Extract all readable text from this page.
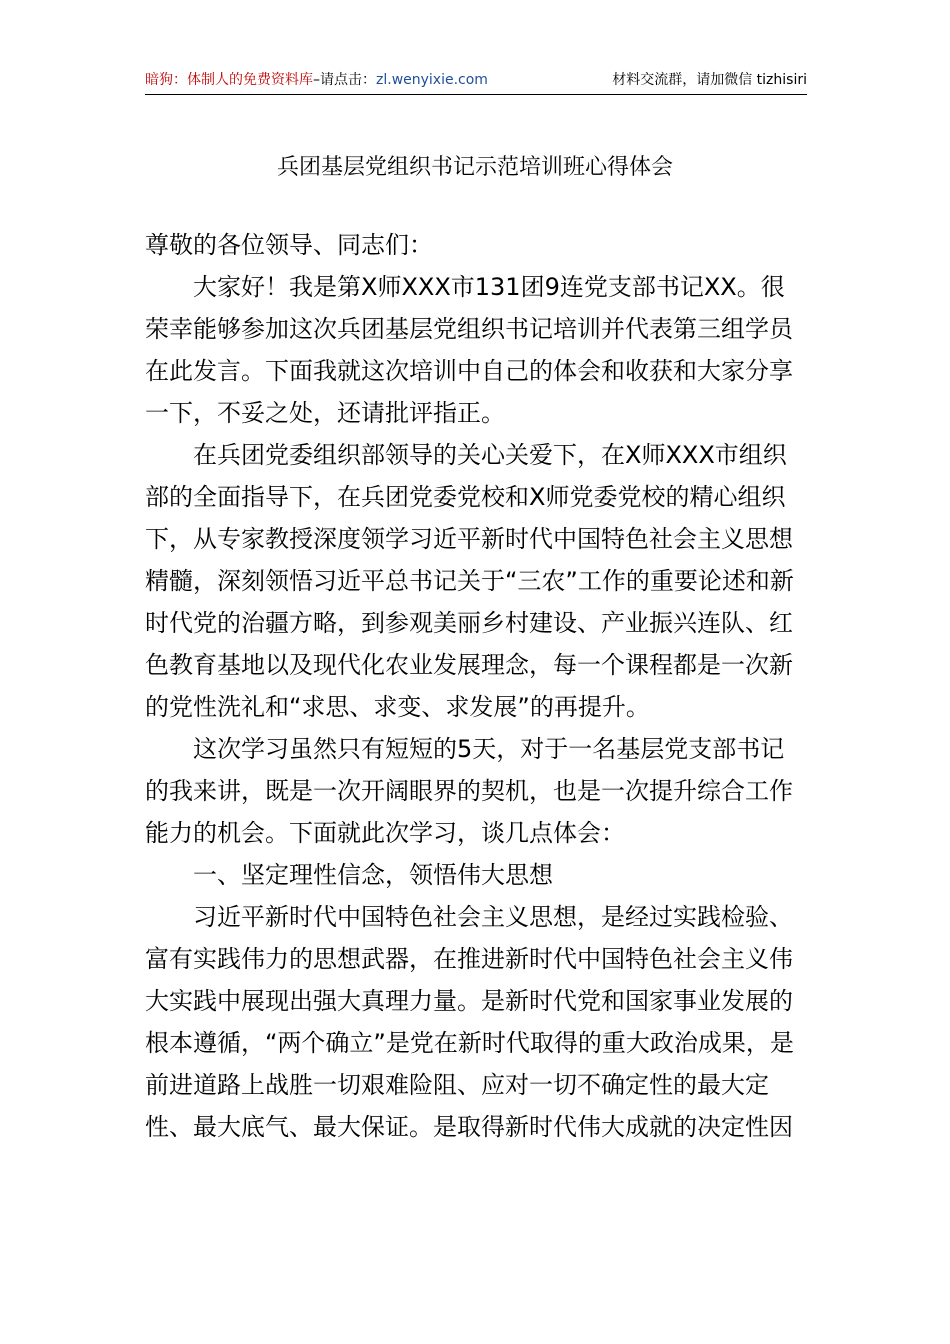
暗狗：体制人的免费资料库–请点击：zl.wenyixie.com	材料交流群，请加微信 tizhisiri
兵团基层党组织书记示范培训班心得体会

尊敬的各位领导、同志们：

大家好！我是第X师XXX市131团9连党支部书记XX。很荣幸能够参加这次兵团基层党组织书记培训并代表第三组学员在此发言。下面我就这次培训中自己的体会和收获和大家分享一下，不妥之处，还请批评指正。

在兵团党委组织部领导的关心关爱下，在X师XXX市组织部的全面指导下，在兵团党委党校和X师党委党校的精心组织下，从专家教授深度领学习近平新时代中国特色社会主义思想精髓，深刻领悟习近平总书记关于“三农”工作的重要论述和新时代党的治疆方略，到参观美丽乡村建设、产业振兴连队、红色教育基地以及现代化农业发展理念，每一个课程都是一次新的党性洗礼和“求思、求变、求发展”的再提升。

这次学习虽然只有短短的5天，对于一名基层党支部书记的我来讲，既是一次开阔眼界的契机，也是一次提升综合工作能力的机会。下面就此次学习，谈几点体会：

一、坚定理性信念，领悟伟大思想

习近平新时代中国特色社会主义思想，是经过实践检验、富有实践伟力的思想武器，在推进新时代中国特色社会主义伟大实践中展现出强大真理力量。是新时代党和国家事业发展的根本遵循，“两个确立”是党在新时代取得的重大政治成果，是前进道路上战胜一切艰难险阻、应对一切不确定性的最大定性、最大底气、最大保证。是取得新时代伟大成就的决定性因
